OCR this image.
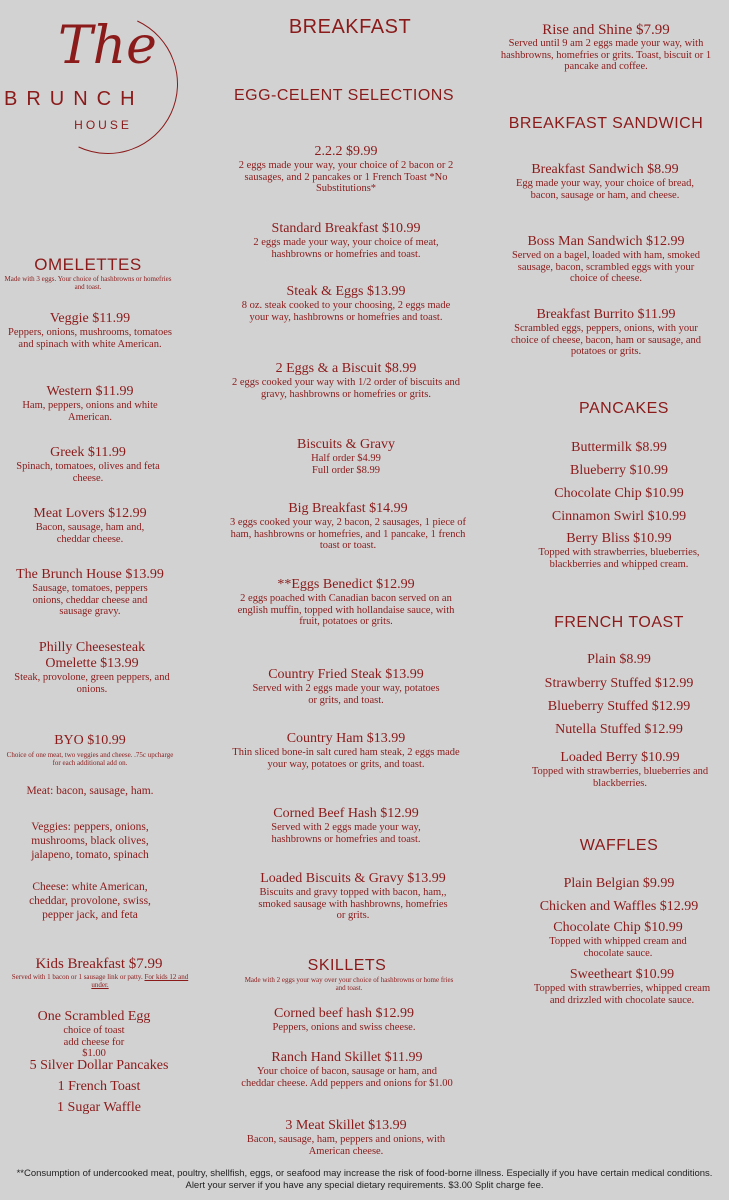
The
BRUNCH
HOUSE
OMELETTES
Made with 3 eggs. Your choice of hashbrowns or homefries and toast.
Veggie $11.99
Peppers, onions, mushrooms, tomatoes and spinach with white American.
Western $11.99
Ham, peppers, onions and white American.
Greek $11.99
Spinach, tomatoes, olives and feta cheese.
Meat Lovers $12.99
Bacon, sausage, ham and, cheddar cheese.
The Brunch House $13.99
Sausage, tomatoes, peppers onions, cheddar cheese and sausage gravy.
Philly Cheesesteak Omelette $13.99
Steak, provolone, green peppers, and onions.
BYO $10.99
Choice of one meat, two veggies and cheese. .75c upcharge for each additional add on.
Meat: bacon, sausage, ham.
Veggies: peppers, onions, mushrooms, black olives, jalapeno, tomato, spinach
Cheese: white American, cheddar, provolone, swiss, pepper jack, and feta
Kids Breakfast $7.99
Served with 1 bacon or 1 sausage link or patty. For kids 12 and under.
One Scrambled Egg
choice of toast add cheese for $1.00
5 Silver Dollar Pancakes
1 French Toast
1 Sugar Waffle
BREAKFAST
EGG-CELENT SELECTIONS
2.2.2 $9.99
2 eggs made your way, your choice of 2 bacon or 2 sausages, and 2 pancakes or 1 French Toast *No Substitutions*
Standard Breakfast $10.99
2 eggs made your way, your choice of meat, hashbrowns or homefries and toast.
Steak & Eggs $13.99
8 oz. steak cooked to your choosing, 2 eggs made your way, hashbrowns or homefries and toast.
2 Eggs & a Biscuit $8.99
2 eggs cooked your way with 1/2 order of biscuits and gravy, hashbrowns or homefries or grits.
Biscuits & Gravy
Half order $4.99 Full order $8.99
Big Breakfast $14.99
3 eggs cooked your way, 2 bacon, 2 sausages, 1 piece of ham, hashbrowns or homefries, and 1 pancake, 1 french toast or toast.
**Eggs Benedict $12.99
2 eggs poached with Canadian bacon served on an english muffin, topped with hollandaise sauce, with fruit, potatoes or grits.
Country Fried Steak $13.99
Served with 2 eggs made your way, potatoes or grits, and toast.
Country Ham $13.99
Thin sliced bone-in salt cured ham steak, 2 eggs made your way, potatoes or grits, and toast.
Corned Beef Hash $12.99
Served with 2 eggs made your way, hashbrowns or homefries and toast.
Loaded Biscuits & Gravy $13.99
Biscuits and gravy topped with bacon, ham,, smoked sausage with hashbrowns, homefries or grits.
SKILLETS
Made with 2 eggs your way over your choice of hashbrowns or home fries and toast.
Corned beef hash $12.99
Peppers, onions and swiss cheese.
Ranch Hand Skillet $11.99
Your choice of bacon, sausage or ham, and cheddar cheese. Add peppers and onions for $1.00
3 Meat Skillet $13.99
Bacon, sausage, ham, peppers and onions, with American cheese.
Rise and Shine $7.99
Served until 9 am 2 eggs made your way, with hashbrowns, homefries or grits. Toast, biscuit or 1 pancake and coffee.
BREAKFAST SANDWICH
Breakfast Sandwich $8.99
Egg made your way, your choice of bread, bacon, sausage or ham, and cheese.
Boss Man Sandwich $12.99
Served on a bagel, loaded with ham, smoked sausage, bacon, scrambled eggs with your choice of cheese.
Breakfast Burrito $11.99
Scrambled eggs, peppers, onions, with your choice of cheese, bacon, ham or sausage, and potatoes or grits.
PANCAKES
Buttermilk $8.99
Blueberry $10.99
Chocolate Chip $10.99
Cinnamon Swirl $10.99
Berry Bliss $10.99
Topped with strawberries, blueberries, blackberries and whipped cream.
FRENCH TOAST
Plain $8.99
Strawberry Stuffed $12.99
Blueberry Stuffed $12.99
Nutella Stuffed $12.99
Loaded Berry $10.99
Topped with strawberries, blueberries and blackberries.
WAFFLES
Plain Belgian $9.99
Chicken and Waffles $12.99
Chocolate Chip $10.99
Topped with whipped cream and chocolate sauce.
Sweetheart $10.99
Topped with strawberries, whipped cream and drizzled with chocolate sauce.
**Consumption of undercooked meat, poultry, shellfish, eggs, or seafood may increase the risk of food-borne illness. Especially if you have certain medical conditions. Alert your server if you have any special dietary requirements. $3.00 Split charge fee.
